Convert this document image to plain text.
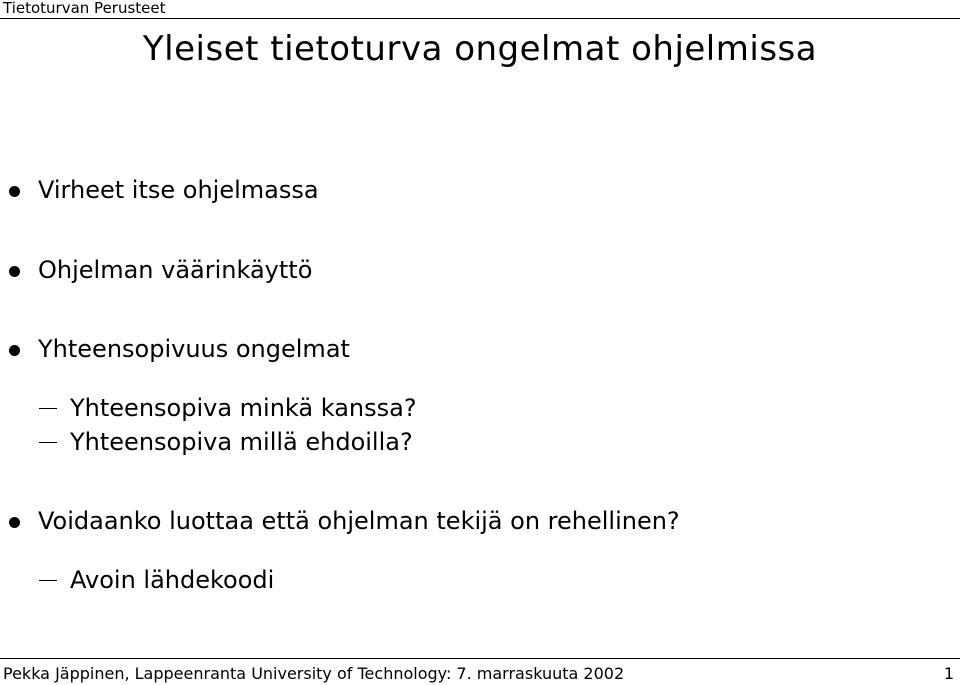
Tietoturvan Perusteet
Yleiset tietoturva ongelmat ohjelmissa
Virheet itse ohjelmassa
Ohjelman väärinkäyttö
Yhteensopivuus ongelmat
Yhteensopiva minkä kanssa?
Yhteensopiva millä ehdoilla?
Voidaanko luottaa että ohjelman tekijä on rehellinen?
Avoin lähdekoodi
Pekka Jäppinen, Lappeenranta University of Technology: 7. marraskuuta 2002	1
